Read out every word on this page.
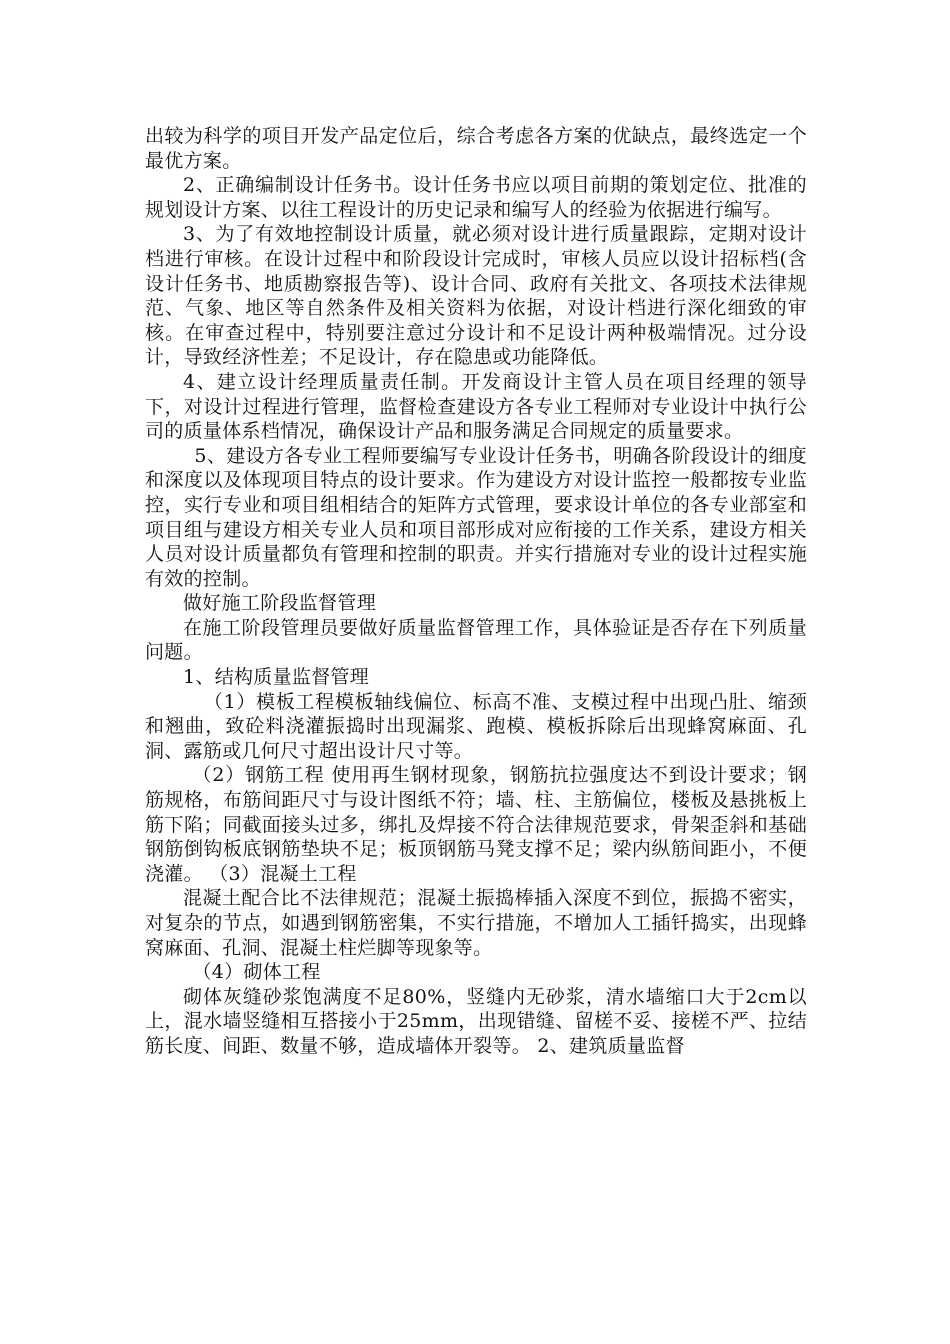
出较为科学的项目开发产品定位后，综合考虑各方案的优缺点，最终选定一个最优方案。

2、正确编制设计任务书。设计任务书应以项目前期的策划定位、批准的规划设计方案、以往工程设计的历史记录和编写人的经验为依据进行编写。

3、为了有效地控制设计质量，就必须对设计进行质量跟踪，定期对设计档进行审核。在设计过程中和阶段设计完成时，审核人员应以设计招标档(含设计任务书、地质勘察报告等)、设计合同、政府有关批文、各项技术法律规范、气象、地区等自然条件及相关资料为依据，对设计档进行深化细致的审核。在审查过程中，特别要注意过分设计和不足设计两种极端情况。过分设计，导致经济性差；不足设计，存在隐患或功能降低。

4、建立设计经理质量责任制。开发商设计主管人员在项目经理的领导下，对设计过程进行管理，监督检查建设方各专业工程师对专业设计中执行公司的质量体系档情况，确保设计产品和服务满足合同规定的质量要求。

5、建设方各专业工程师要编写专业设计任务书，明确各阶段设计的细度和深度以及体现项目特点的设计要求。作为建设方对设计监控一般都按专业监控，实行专业和项目组相结合的矩阵方式管理，要求设计单位的各专业部室和项目组与建设方相关专业人员和项目部形成对应衔接的工作关系，建设方相关人员对设计质量都负有管理和控制的职责。并实行措施对专业的设计过程实施有效的控制。

做好施工阶段监督管理

在施工阶段管理员要做好质量监督管理工作，具体验证是否存在下列质量问题。

1、结构质量监督管理

（1）模板工程模板轴线偏位、标高不准、支模过程中出现凸肚、缩颈和翘曲，致砼料浇灌振捣时出现漏浆、跑模、模板拆除后出现蜂窝麻面、孔洞、露筋或几何尺寸超出设计尺寸等。

（2）钢筋工程 使用再生钢材现象，钢筋抗拉强度达不到设计要求；钢筋规格，布筋间距尺寸与设计图纸不符；墙、柱、主筋偏位，楼板及悬挑板上筋下陷；同截面接头过多，绑扎及焊接不符合法律规范要求，骨架歪斜和基础钢筋倒钩板底钢筋垫块不足；板顶钢筋马凳支撑不足；梁内纵筋间距小，不便浇灌。 （3）混凝土工程

混凝土配合比不法律规范；混凝土振捣棒插入深度不到位，振捣不密实，对复杂的节点，如遇到钢筋密集，不实行措施，不增加人工插钎捣实，出现蜂窝麻面、孔洞、混凝土柱烂脚等现象等。

（4）砌体工程

砌体灰缝砂浆饱满度不足80%，竖缝内无砂浆，清水墙缩口大于2cm以上，混水墙竖缝相互搭接小于25mm，出现错缝、留槎不妥、接槎不严、拉结筋长度、间距、数量不够，造成墙体开裂等。 2、建筑质量监督
